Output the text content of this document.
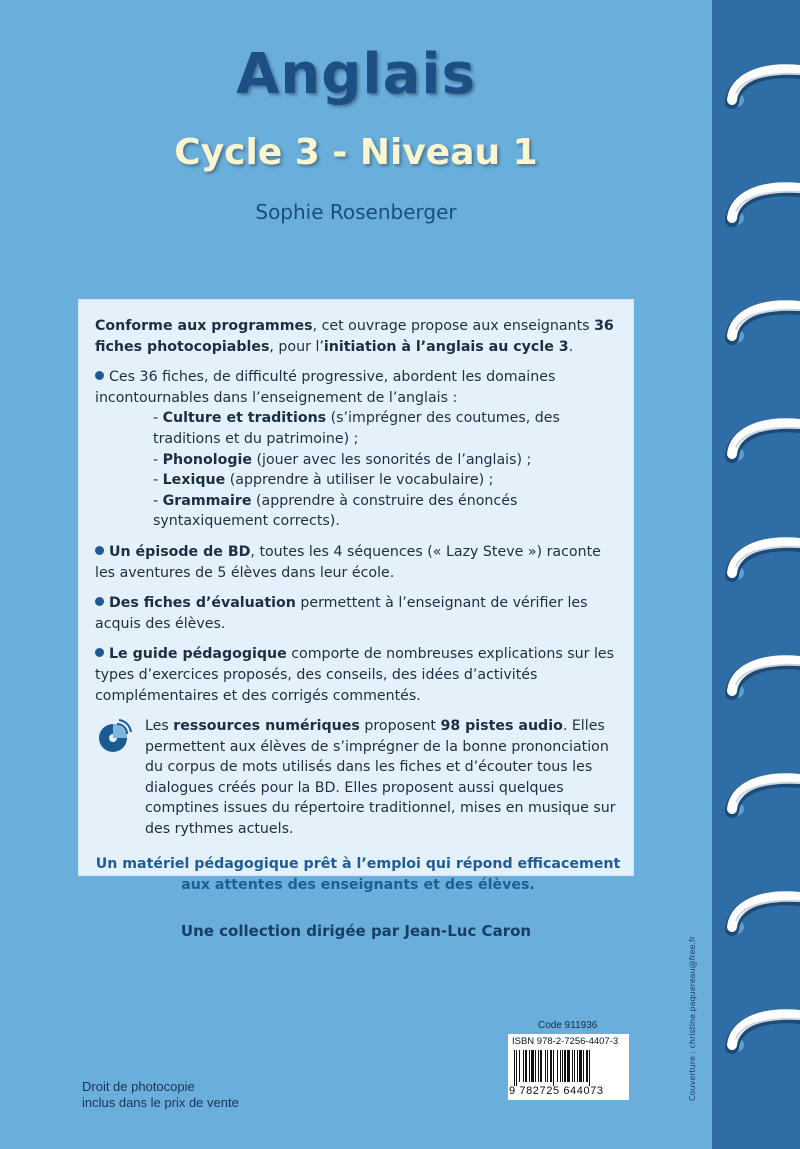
Anglais
Cycle 3 - Niveau 1
Sophie Rosenberger

Conforme aux programmes, cet ouvrage propose aux enseignants 36 fiches photocopiables, pour l’initiation à l’anglais au cycle 3.

Ces 36 fiches, de difficulté progressive, abordent les domaines incontournables dans l’enseignement de l’anglais :

- Culture et traditions (s’imprégner des coutumes, des traditions et du patrimoine) ;

- Phonologie (jouer avec les sonorités de l’anglais) ;

- Lexique (apprendre à utiliser le vocabulaire) ;

- Grammaire (apprendre à construire des énoncés syntaxiquement corrects).

Un épisode de BD, toutes les 4 séquences (« Lazy Steve ») raconte les aventures de 5 élèves dans leur école.

Des fiches d’évaluation permettent à l’enseignant de vérifier les acquis des élèves.

Le guide pédagogique comporte de nombreuses explications sur les types d’exercices proposés, des conseils, des idées d’activités complémentaires et des corrigés commentés.

Les ressources numériques proposent 98 pistes audio. Elles permettent aux élèves de s’imprégner de la bonne prononciation du corpus de mots utilisés dans les fiches et d’écouter tous les dialogues créés pour la BD. Elles proposent aussi quelques comptines issues du répertoire traditionnel, mises en musique sur des rythmes actuels.

Un matériel pédagogique prêt à l’emploi qui répond efficacement

aux attentes des enseignants et des élèves.

Une collection dirigée par Jean-Luc Caron
Couverture : christine.paquereau@free.fr
Code 911936
ISBN 978-2-7256-4407-3
9 782725 644073
Droit de photocopie
inclus dans le prix de vente
